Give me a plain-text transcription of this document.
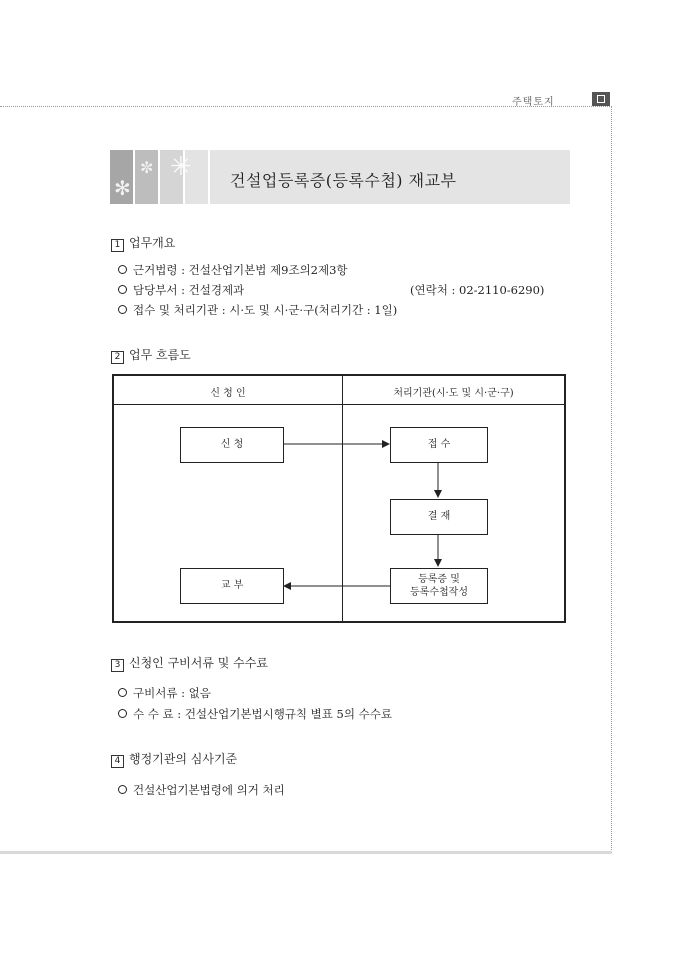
주택토지
✻
✼ ✳ 건설업등록증(등록수첩) 재교부
1 업무개요
근거법령 : 건설산업기본법 제9조의2제3항
담당부서 : 건설경제과	(연락처 : 02-2110-6290)
접수 및 처리기관 : 시·도 및 시·군·구(처리기간 : 1일)
2 업무 흐름도
신 청 인	처리기관(시·도 및 시·군·구)
신 청	접 수
결 재
등록증 및
등록수첩작성
교 부
3 신청인 구비서류 및 수수료
구비서류 : 없음
수 수 료 : 건설산업기본법시행규칙 별표 5의 수수료
4 행정기관의 심사기준
건설산업기본법령에 의거 처리
